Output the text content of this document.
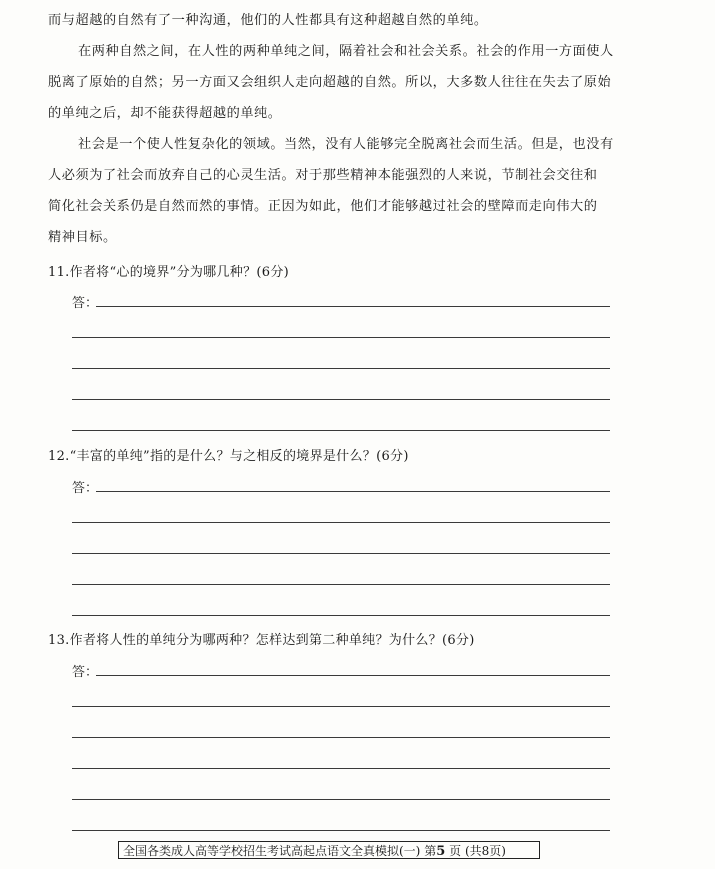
而与超越的自然有了一种沟通，他们的人性都具有这种超越自然的单纯。
在两种自然之间，在人性的两种单纯之间，隔着社会和社会关系。社会的作用一方面使人
脱离了原始的自然；另一方面又会组织人走向超越的自然。所以，大多数人往往在失去了原始
的单纯之后，却不能获得超越的单纯。
社会是一个使人性复杂化的领域。当然，没有人能够完全脱离社会而生活。但是，也没有
人必须为了社会而放弃自己的心灵生活。对于那些精神本能强烈的人来说，节制社会交往和
简化社会关系仍是自然而然的事情。正因为如此，他们才能够越过社会的壁障而走向伟大的
精神目标。
11.作者将“心的境界”分为哪几种？(6分)
答：
12.“丰富的单纯”指的是什么？与之相反的境界是什么？(6分)
答：
13.作者将人性的单纯分为哪两种？怎样达到第二种单纯？为什么？(6分)
答：
全国各类成人高等学校招生考试高起点语文全真模拟(一) 第5 页 (共8页)
